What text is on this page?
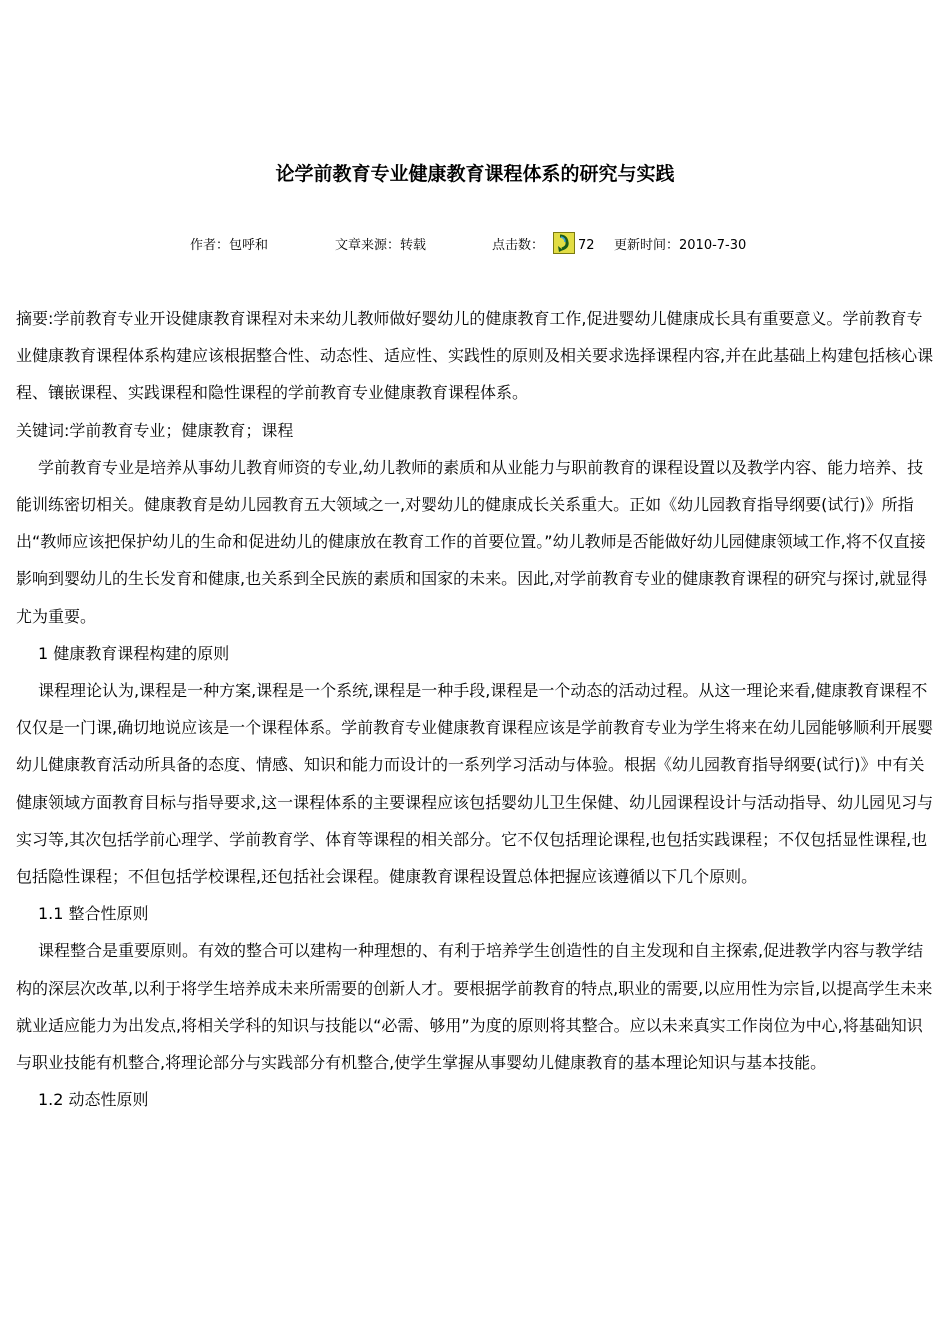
论学前教育专业健康教育课程体系的研究与实践
作者：包呼和	文章来源：转载	点击数：	72 更新时间：2010-7-30

摘要:学前教育专业开设健康教育课程对未来幼儿教师做好婴幼儿的健康教育工作,促进婴幼儿健康成长具有重要意义。学前教育专业健康教育课程体系构建应该根据整合性、动态性、适应性、实践性的原则及相关要求选择课程内容,并在此基础上构建包括核心课程、镶嵌课程、实践课程和隐性课程的学前教育专业健康教育课程体系。

关键词:学前教育专业；健康教育；课程

学前教育专业是培养从事幼儿教育师资的专业,幼儿教师的素质和从业能力与职前教育的课程设置以及教学内容、能力培养、技能训练密切相关。健康教育是幼儿园教育五大领域之一,对婴幼儿的健康成长关系重大。正如《幼儿园教育指导纲要(试行)》所指出“教师应该把保护幼儿的生命和促进幼儿的健康放在教育工作的首要位置。”幼儿教师是否能做好幼儿园健康领域工作,将不仅直接影响到婴幼儿的生长发育和健康,也关系到全民族的素质和国家的未来。因此,对学前教育专业的健康教育课程的研究与探讨,就显得尤为重要。

1 健康教育课程构建的原则

课程理论认为,课程是一种方案,课程是一个系统,课程是一种手段,课程是一个动态的活动过程。从这一理论来看,健康教育课程不仅仅是一门课,确切地说应该是一个课程体系。学前教育专业健康教育课程应该是学前教育专业为学生将来在幼儿园能够顺利开展婴幼儿健康教育活动所具备的态度、情感、知识和能力而设计的一系列学习活动与体验。根据《幼儿园教育指导纲要(试行)》中有关健康领域方面教育目标与指导要求,这一课程体系的主要课程应该包括婴幼儿卫生保健、幼儿园课程设计与活动指导、幼儿园见习与实习等,其次包括学前心理学、学前教育学、体育等课程的相关部分。它不仅包括理论课程,也包括实践课程；不仅包括显性课程,也包括隐性课程；不但包括学校课程,还包括社会课程。健康教育课程设置总体把握应该遵循以下几个原则。

1.1 整合性原则

课程整合是重要原则。有效的整合可以建构一种理想的、有利于培养学生创造性的自主发现和自主探索,促进教学内容与教学结构的深层次改革,以利于将学生培养成未来所需要的创新人才。要根据学前教育的特点,职业的需要,以应用性为宗旨,以提高学生未来就业适应能力为出发点,将相关学科的知识与技能以“必需、够用”为度的原则将其整合。应以未来真实工作岗位为中心,将基础知识与职业技能有机整合,将理论部分与实践部分有机整合,使学生掌握从事婴幼儿健康教育的基本理论知识与基本技能。

1.2 动态性原则
